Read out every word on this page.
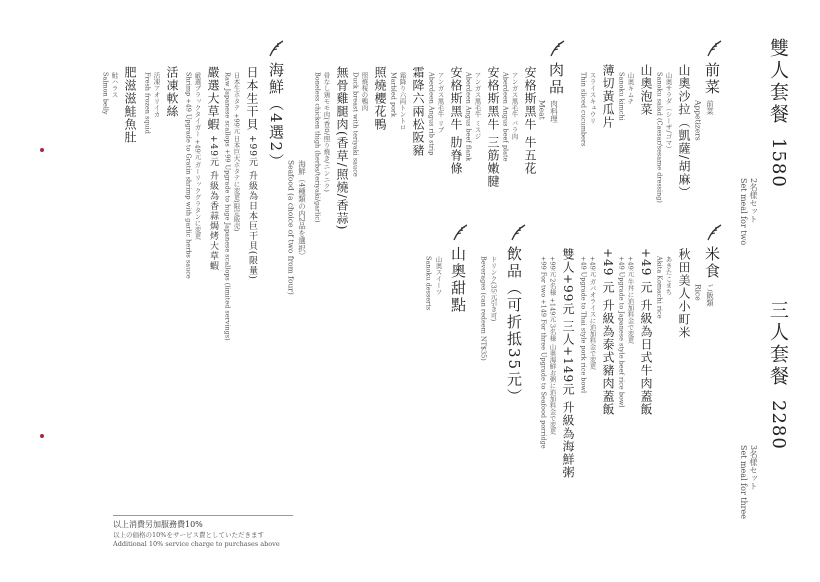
雙人套餐1580
2名様セット
Set meal for two
三人套餐2280
3名様セット
Set meal for three
前菜
前菜
Appetizers
山奧沙拉（凱薩/胡麻）
山奥サラダ（シーザ/ゴマ）
Sanoku salad (Caesar/sesame dressing)
山奧泡菜
山奥キムチ
Sanoku kimchi
薄切黃瓜片
スライスキュウリ
Thin sliced cucumbers
肉品
肉料理
Meat
安格斯黑牛 牛五花
アンガス黒毛牛 バラ肉
Aberdeen Angus beef plate
安格斯黑牛 三筋嫩腱
アンガス黒毛牛 ミスジ
Aberdeen Angus beef flank
安格斯黑牛 肋脊條
アンガス黒毛牛 リブ
Aberdeen Angus rib strip
霜降六兩松阪豬
霜降り六両トントロ
Marbled pork
照燒櫻花鴨
照焼桜の鴨肉
Duck breast with teriyaki sauce
無骨雞腿肉(香草/照燒/香蒜)
骨なし鶏モモ肉(香草/照り焼き/ニンニク)
Boneless chicken thigh (herbs/teriyaki/garlic)
海鮮（4選2）
海鮮（4種類の内2品を選択）
Seafood (a choice of two from four)
日本生干貝+99元 升級為日本巨干貝(限量)
日本生ホタテ +99元 日本巨大ホタテに変更(限定販売)
Raw Japanese scallops +99 Upgrade to huge Japanese scallops (limited servings)
嚴選大草蝦+49元 升級為香蒜焗烤大草蝦
厳選ブラックタイガー +49元 ガーリックグラタンに変更
Shrimp +49 Upgrade to Gratin shrimp with garlic herbs sauce
活凍軟絲
活凍アオリイカ
Fresh frozen squid
肥滋滋鮭魚肚
鮭ハラス
Salmon belly
米食
ご飯類
Rice
秋田美人小町米
あきたこまち
Akita Komachi rice
+49 元 升級為日式牛肉蓋飯
+49元 牛丼に追加料金で変更
+49 Upgrade to Japanese style beef rice bowl
+49 元 升級為泰式豬肉蓋飯
+49元 ガパオライスに追加料金で変更
+49 Upgrade to Thai style pork rice bowl
雙人+99元 三人+149元 升級為海鮮粥
+99元 2名様 +149元 3名様 山奥海鮮お粥に追加料金で変更
+99 For two +149 For three Upgrade to Seafood porridge
飲品（可折抵35元）
ドリンク(35元引き可)
Beverages (can redeem NT$35)
山奧甜點
山奥スイーツ
Sanoku desserts
以上消費另加服務費10%
以上の価格の10%をサービス費としていただきます
Additional 10% service charge to purchases above
